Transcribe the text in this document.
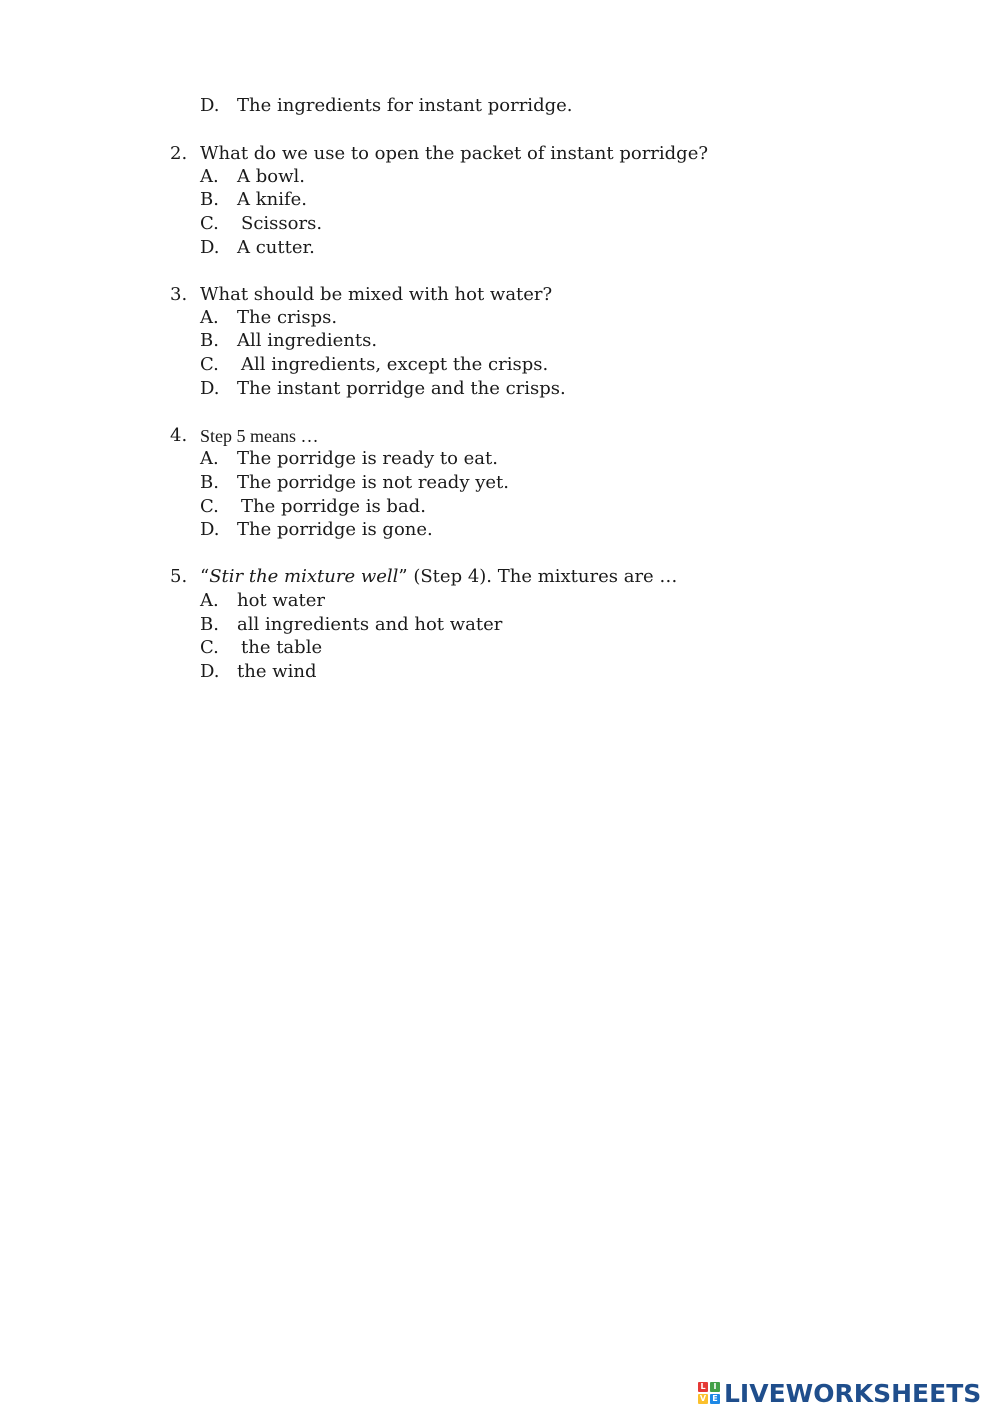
D. The ingredients for instant porridge.
2. What do we use to open the packet of instant porridge?
A. A bowl.
B. A knife.
C. Scissors.
D. A cutter.
3. What should be mixed with hot water?
A. The crisps.
B. All ingredients.
C. All ingredients, except the crisps.
D. The instant porridge and the crisps.
4. Step 5 means …
A. The porridge is ready to eat.
B. The porridge is not ready yet.
C. The porridge is bad.
D. The porridge is gone.
5. “Stir the mixture well” (Step 4). The mixtures are …
A. hot water
B. all ingredients and hot water
C. the table
D. the wind
L I
V E LIVEWORKSHEETS
